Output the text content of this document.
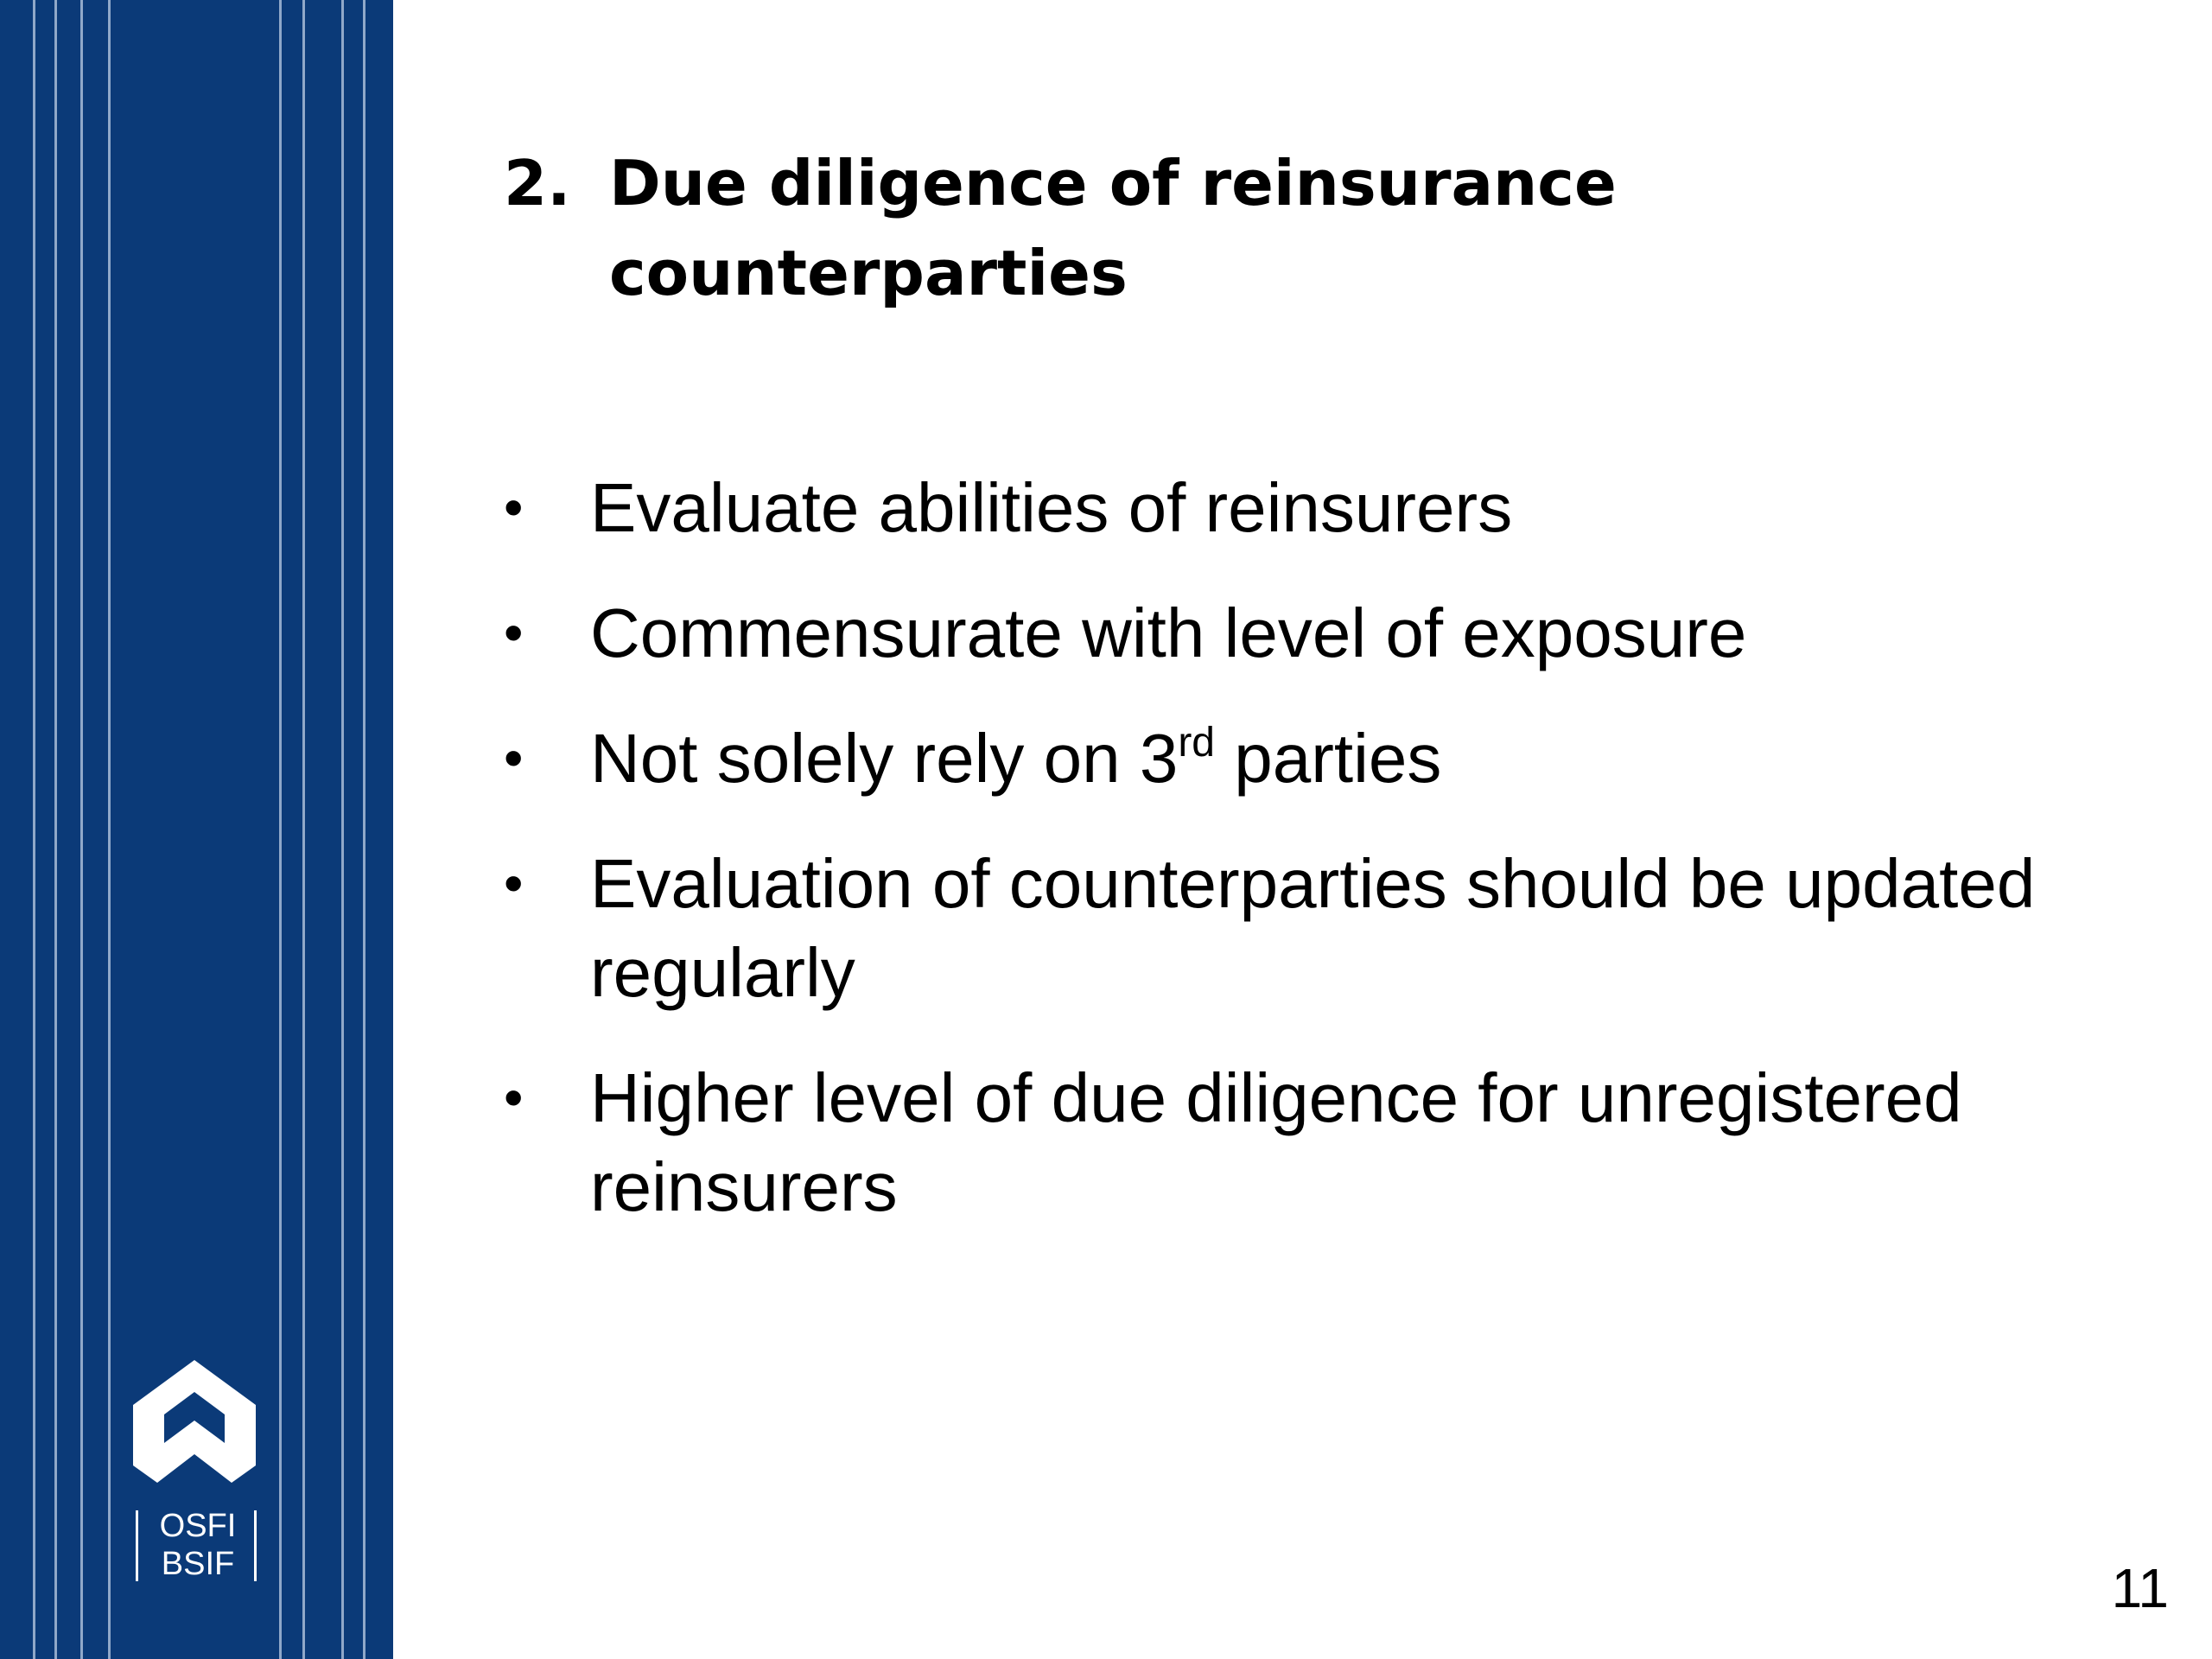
OSFI
BSIF
2. Due diligence of reinsurance
counterparties
• Evaluate abilities of reinsurers
• Commensurate with level of exposure
• Not solely rely on 3rd parties
• Evaluation of counterparties should be updated regularly
• Higher level of due diligence for unregistered reinsurers
11
